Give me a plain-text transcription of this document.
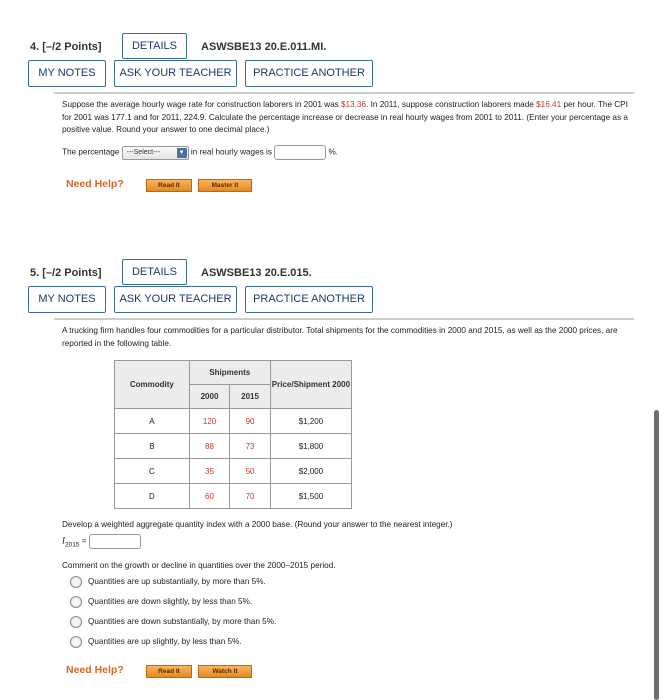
4. [–/2 Points]	DETAILS	ASWSBE13 20.E.011.MI.
MY NOTES	ASK YOUR TEACHER	PRACTICE ANOTHER

Suppose the average hourly wage rate for construction laborers in 2001 was $13.36. In 2011, suppose construction laborers made $16.41 per hour. The CPI for 2001 was 177.1 and for 2011, 224.9. Calculate the percentage increase or decrease in real hourly wages from 2001 to 2011. (Enter your percentage as a positive value. Round your answer to one decimal place.)

The percentage ---Select---	▼ in real hourly wages is	%.
Need Help?	Read It	Master It
5. [–/2 Points]	DETAILS	ASWSBE13 20.E.015.
MY NOTES	ASK YOUR TEACHER	PRACTICE ANOTHER

A trucking firm handles four commodities for a particular distributor. Total shipments for the commodities in 2000 and 2015, as well as the 2000 prices, are reported in the following table.

Commodity	Shipments		Price/Shipment 2000
	2000	2015	
A	120	90	$1,200
B	88	73	$1,800
C	35	50	$2,000
D	60	70	$1,500

Develop a weighted aggregate quantity index with a 2000 base. (Round your answer to the nearest integer.)

$I_{2015}$ =

Comment on the growth or decline in quantities over the 2000–2015 period.

Quantities are up substantially, by more than 5%.
Quantities are down slightly, by less than 5%.
Quantities are down substantially, by more than 5%.
Quantities are up slightly, by less than 5%.
Need Help?	Read It	Watch It
